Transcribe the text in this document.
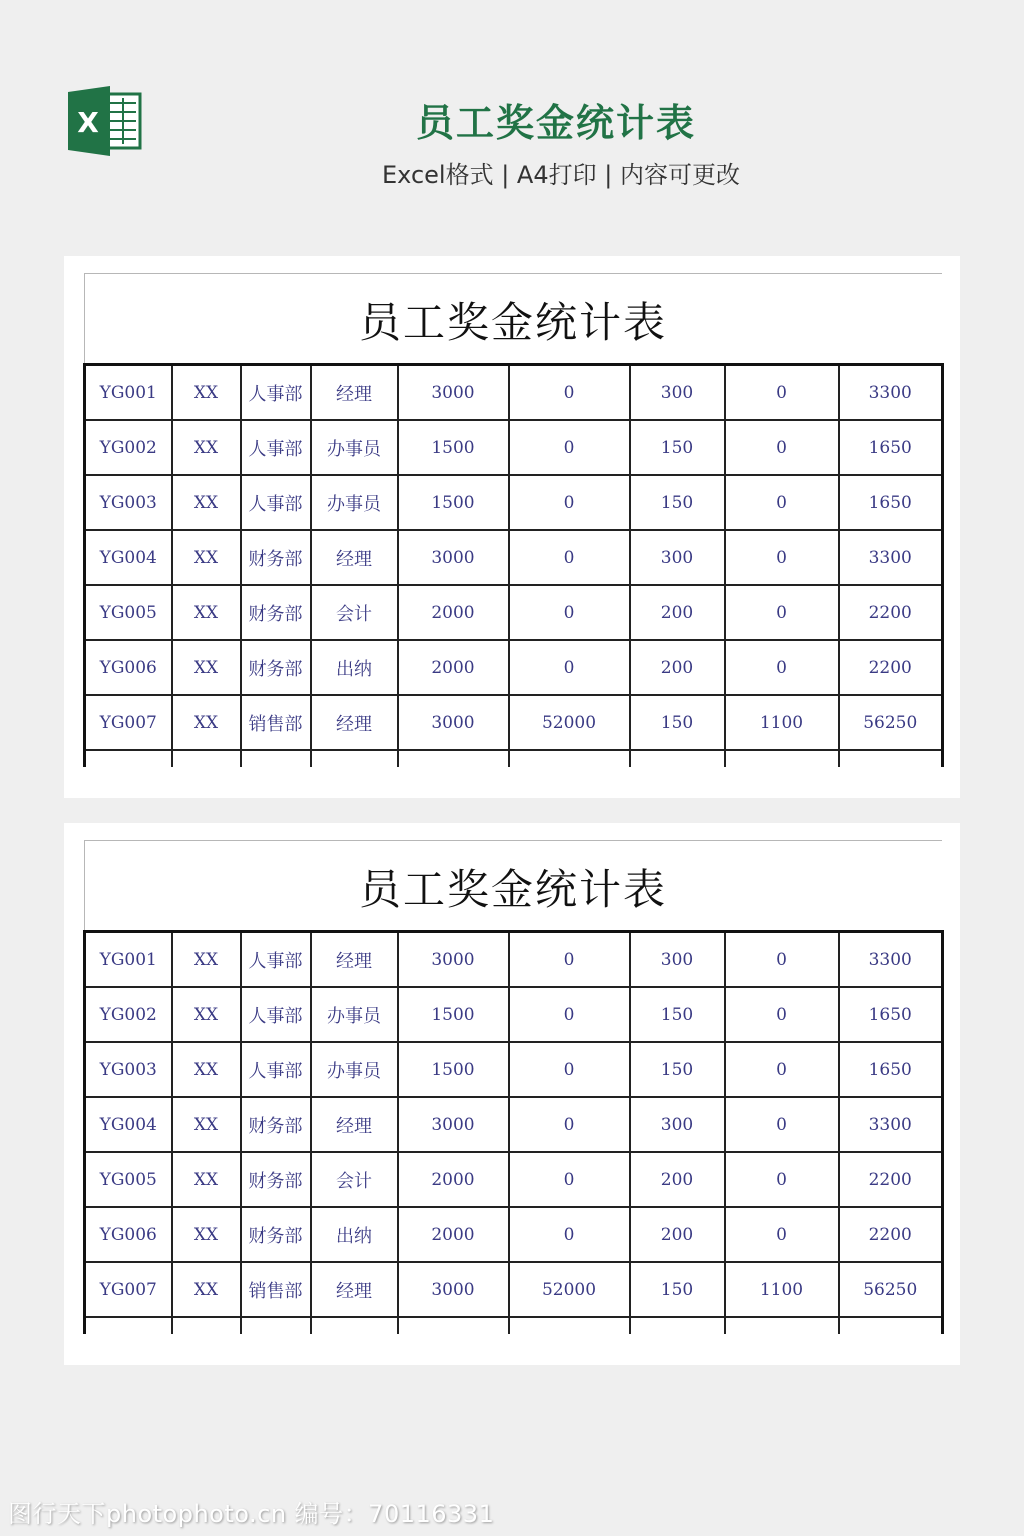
X	员工奖金统计表
Excel格式 | A4打印 | 内容可更改
员工奖金统计表
YG001	XX	人事部	经理	3000	0	300	0	3300
YG002	XX	人事部	办事员	1500	0	150	0	1650
YG003	XX	人事部	办事员	1500	0	150	0	1650
YG004	XX	财务部	经理	3000	0	300	0	3300
YG005	XX	财务部	会计	2000	0	200	0	2200
YG006	XX	财务部	出纳	2000	0	200	0	2200
YG007	XX	销售部	经理	3000	52000	150	1100	56250

员工奖金统计表
YG001	XX	人事部	经理	3000	0	300	0	3300
YG002	XX	人事部	办事员	1500	0	150	0	1650
YG003	XX	人事部	办事员	1500	0	150	0	1650
YG004	XX	财务部	经理	3000	0	300	0	3300
YG005	XX	财务部	会计	2000	0	200	0	2200
YG006	XX	财务部	出纳	2000	0	200	0	2200
YG007	XX	销售部	经理	3000	52000	150	1100	56250

图行天下photophoto.cn 编号：70116331
